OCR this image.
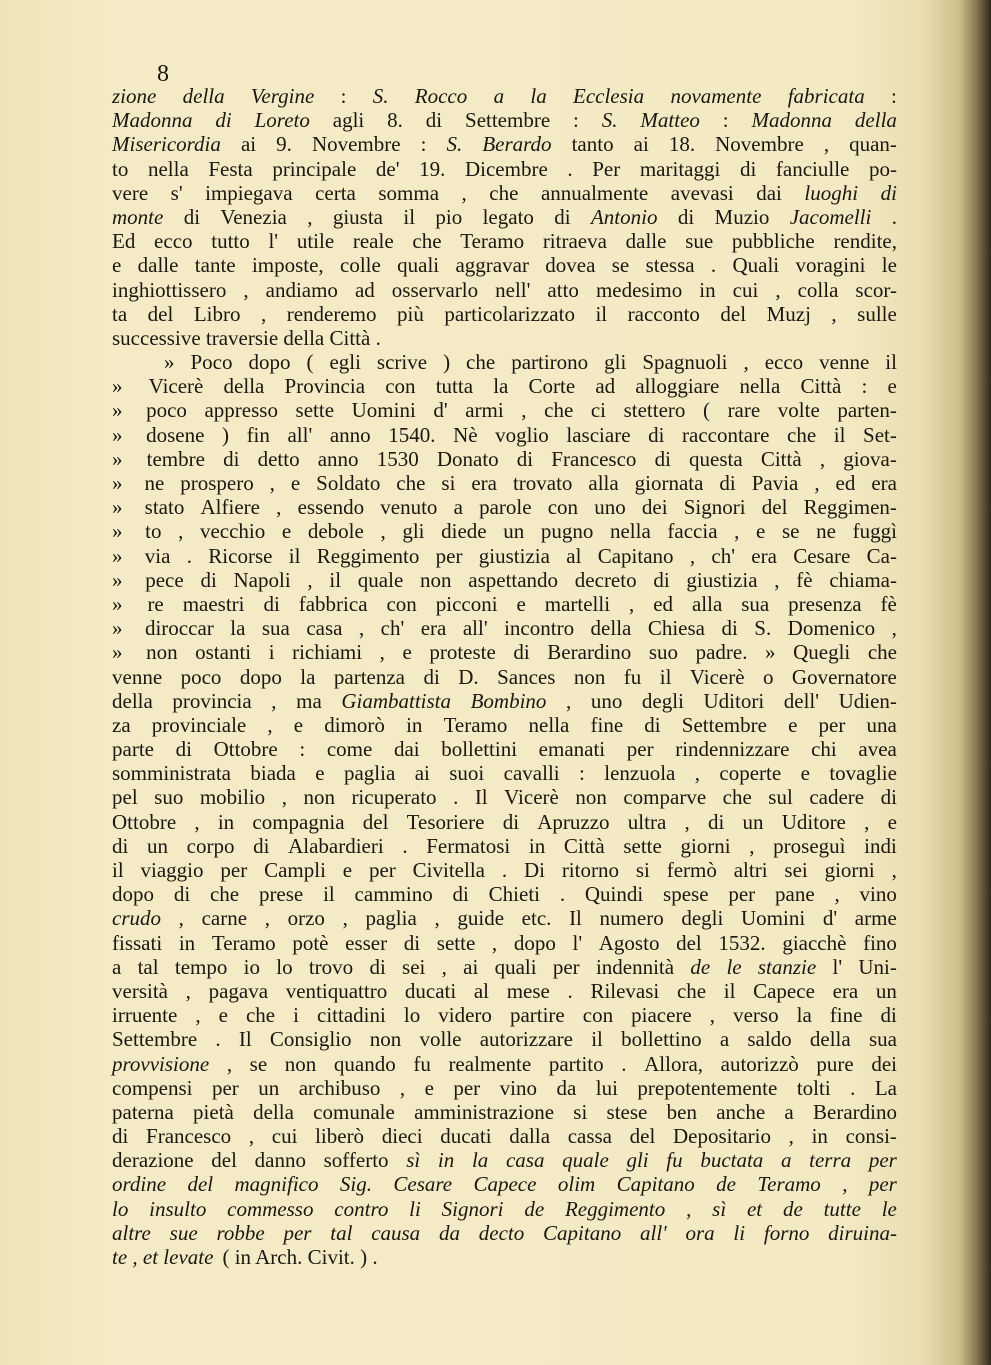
8
zione della Vergine : S. Rocco a la Ecclesia novamente fabricata :
Madonna di Loreto agli 8. di Settembre : S. Matteo : Madonna della
Misericordia ai 9. Novembre : S. Berardo tanto ai 18. Novembre , quan-
to nella Festa principale de' 19. Dicembre . Per maritaggi di fanciulle po-
vere s' impiegava certa somma , che annualmente avevasi dai luoghi di
monte di Venezia , giusta il pio legato di Antonio di Muzio Jacomelli .
Ed ecco tutto l' utile reale che Teramo ritraeva dalle sue pubbliche rendite,
e dalle tante imposte, colle quali aggravar dovea se stessa . Quali voragini le
inghiottissero , andiamo ad osservarlo nell' atto medesimo in cui , colla scor-
ta del Libro , renderemo più particolarizzato il racconto del Muzj , sulle
successive traversie della Città .
» Poco dopo ( egli scrive ) che partirono gli Spagnuoli , ecco venne il
» Vicerè della Provincia con tutta la Corte ad alloggiare nella Città : e
» poco appresso sette Uomini d' armi , che ci stettero ( rare volte parten-
» dosene ) fin all' anno 1540. Nè voglio lasciare di raccontare che il Set-
» tembre di detto anno 1530 Donato di Francesco di questa Città , giova-
» ne prospero , e Soldato che si era trovato alla giornata di Pavia , ed era
» stato Alfiere , essendo venuto a parole con uno dei Signori del Reggimen-
» to , vecchio e debole , gli diede un pugno nella faccia , e se ne fuggì
» via . Ricorse il Reggimento per giustizia al Capitano , ch' era Cesare Ca-
» pece di Napoli , il quale non aspettando decreto di giustizia , fè chiama-
» re maestri di fabbrica con picconi e martelli , ed alla sua presenza fè
» diroccar la sua casa , ch' era all' incontro della Chiesa di S. Domenico ,
» non ostanti i richiami , e proteste di Berardino suo padre. » Quegli che
venne poco dopo la partenza di D. Sances non fu il Vicerè o Governatore
della provincia , ma Giambattista Bombino , uno degli Uditori dell' Udien-
za provinciale , e dimorò in Teramo nella fine di Settembre e per una
parte di Ottobre : come dai bollettini emanati per rindennizzare chi avea
somministrata biada e paglia ai suoi cavalli : lenzuola , coperte e tovaglie
pel suo mobilio , non ricuperato . Il Vicerè non comparve che sul cadere di
Ottobre , in compagnia del Tesoriere di Apruzzo ultra , di un Uditore , e
di un corpo di Alabardieri . Fermatosi in Città sette giorni , proseguì indi
il viaggio per Campli e per Civitella . Di ritorno si fermò altri sei giorni ,
dopo di che prese il cammino di Chieti . Quindi spese per pane , vino
crudo , carne , orzo , paglia , guide etc. Il numero degli Uomini d' arme
fissati in Teramo potè esser di sette , dopo l' Agosto del 1532. giacchè fino
a tal tempo io lo trovo di sei , ai quali per indennità de le stanzie l' Uni-
versità , pagava ventiquattro ducati al mese . Rilevasi che il Capece era un
irruente , e che i cittadini lo videro partire con piacere , verso la fine di
Settembre . Il Consiglio non volle autorizzare il bollettino a saldo della sua
provvisione , se non quando fu realmente partito . Allora, autorizzò pure dei
compensi per un archibuso , e per vino da lui prepotentemente tolti . La
paterna pietà della comunale amministrazione si stese ben anche a Berardino
di Francesco , cui liberò dieci ducati dalla cassa del Depositario , in consi-
derazione del danno sofferto sì in la casa quale gli fu buctata a terra per
ordine del magnifico Sig. Cesare Capece olim Capitano de Teramo , per
lo insulto commesso contro li Signori de Reggimento , sì et de tutte le
altre sue robbe per tal causa da decto Capitano all' ora li forno diruina-
te , et levate ( in Arch. Civit. ) .
